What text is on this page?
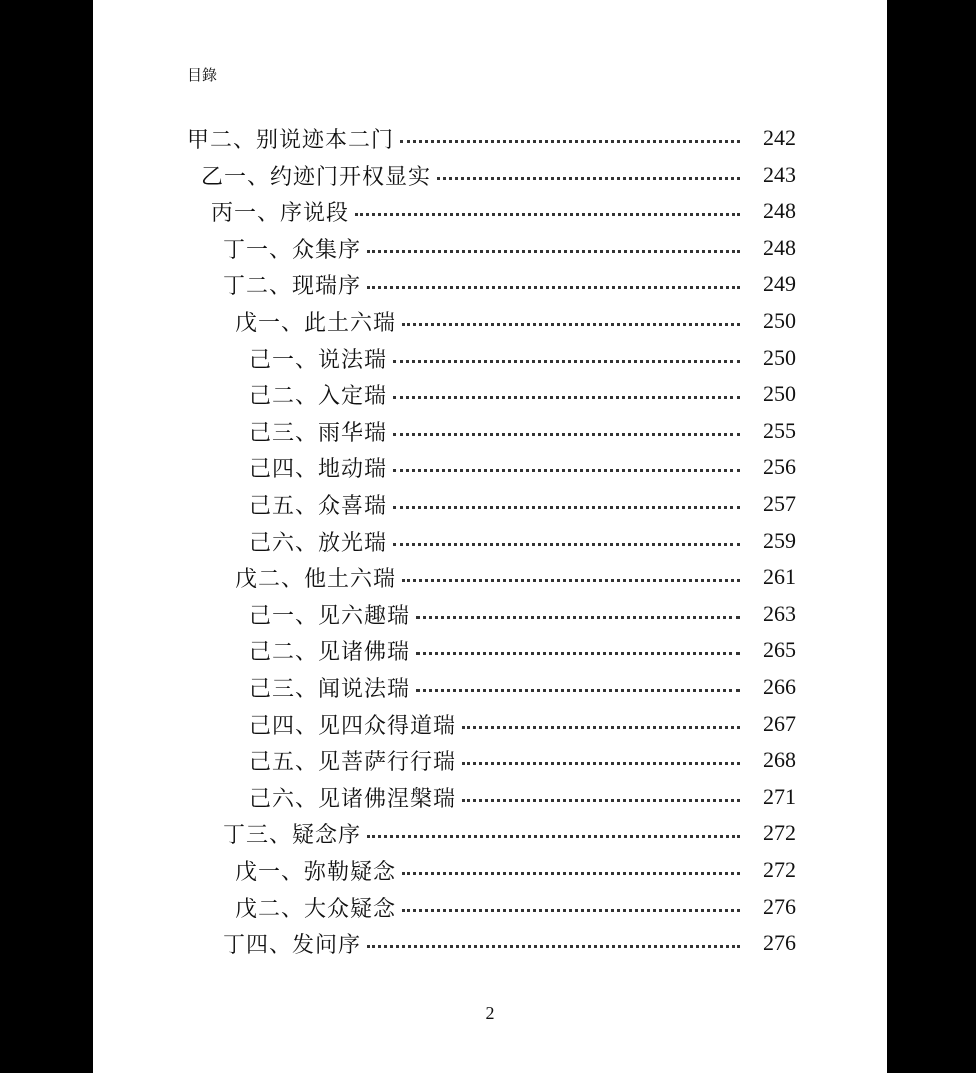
目錄
甲二、别说迹本二门	242
乙一、约迹门开权显实	243
丙一、序说段	248
丁一、众集序	248
丁二、现瑞序	249
戊一、此土六瑞	250
己一、说法瑞	250
己二、入定瑞	250
己三、雨华瑞	255
己四、地动瑞	256
己五、众喜瑞	257
己六、放光瑞	259
戊二、他土六瑞	261
己一、见六趣瑞	263
己二、见诸佛瑞	265
己三、闻说法瑞	266
己四、见四众得道瑞	267
己五、见菩萨行行瑞	268
己六、见诸佛涅槃瑞	271
丁三、疑念序	272
戊一、弥勒疑念	272
戊二、大众疑念	276
丁四、发问序	276
2
